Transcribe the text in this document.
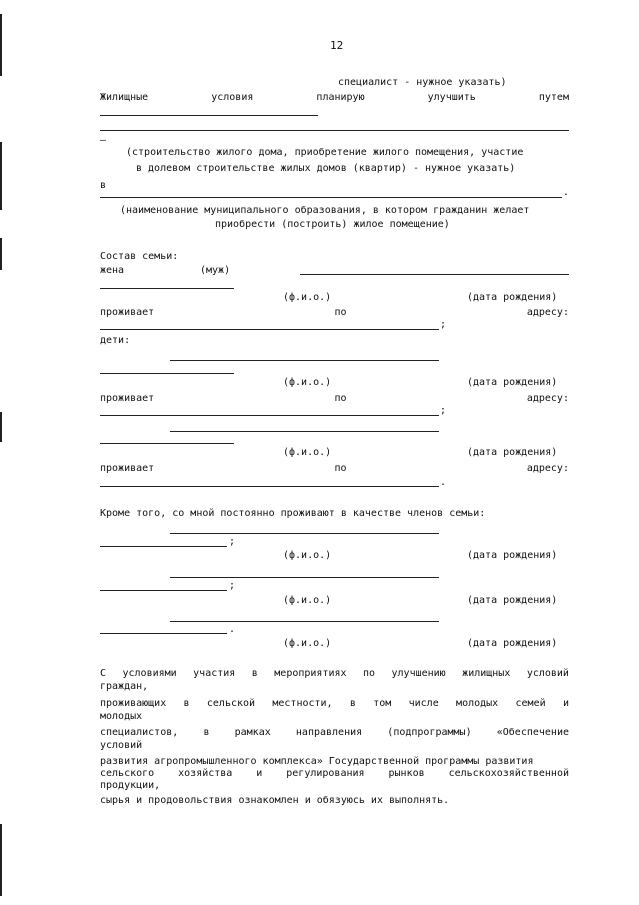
12
специалист - нужное указать)
Жилищные	условия	планирую	улучшить	путем
—
(строительство жилого дома, приобретение жилого помещения, участие
в долевом строительстве жилых домов (квартир) - нужное указать)
в
.
(наименование муниципального образования, в котором гражданин желает
приобрести (построить) жилое помещение)
Состав семьи:
жена	(муж)
(ф.и.о.)	(дата рождения)
проживает	по	адресу:
;
дети:
(ф.и.о.)	(дата рождения)
проживает	по	адресу:
;
(ф.и.о.)	(дата рождения)
проживает	по	адресу:
.
Кроме того, со мной постоянно проживают в качестве членов семьи:
;
(ф.и.о.)	(дата рождения)
;
(ф.и.о.)	(дата рождения)
.
(ф.и.о.)	(дата рождения)
С условиями участия в мероприятиях по улучшению жилищных условий
граждан,
проживающих в сельской местности, в том числе молодых семей и
молодых
специалистов,	в	рамках	направления	(подпрограммы)	«Обеспечение
условий
развития агропромышленного комплекса» Государственной программы развития
сельского хозяйства и регулирования рынков сельскохозяйственной
продукции,
сырья и продовольствия ознакомлен и обязуюсь их выполнять.
